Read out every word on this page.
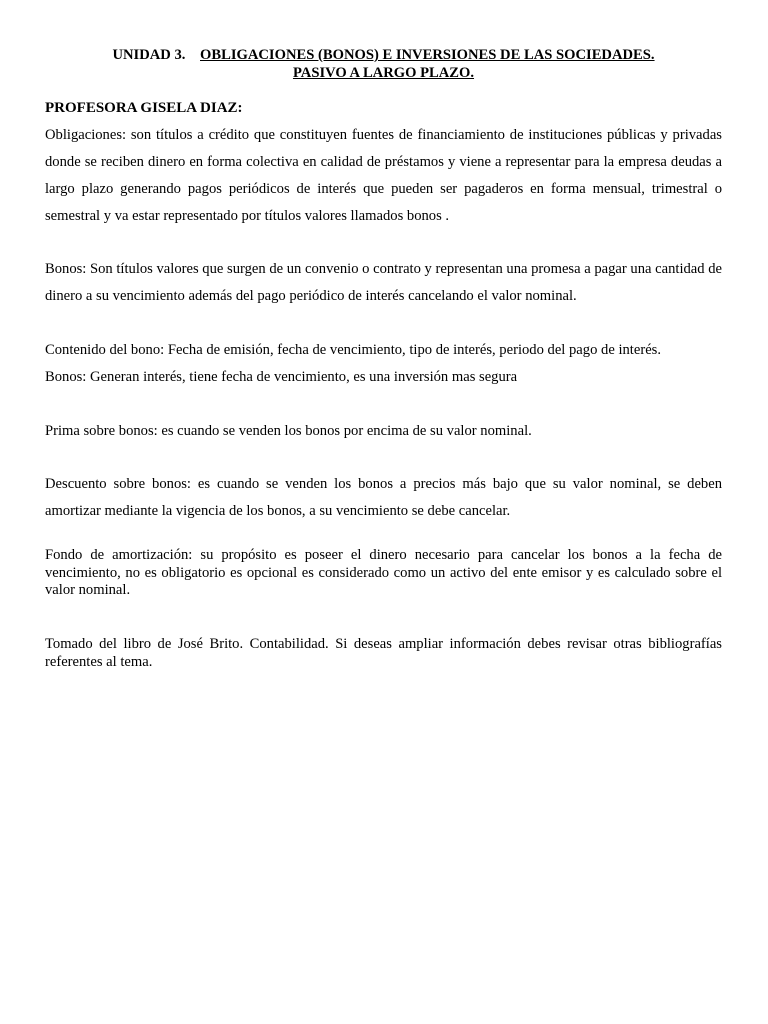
UNIDAD 3. OBLIGACIONES (BONOS) E INVERSIONES DE LAS SOCIEDADES.
PASIVO A LARGO PLAZO.
PROFESORA GISELA DIAZ:
Obligaciones: son títulos a crédito que constituyen fuentes de financiamiento de instituciones públicas y privadas donde se reciben dinero en forma colectiva en calidad de préstamos y viene a representar para la empresa deudas a largo plazo generando pagos periódicos de interés que pueden ser pagaderos en forma mensual, trimestral o semestral y va estar representado por títulos valores llamados bonos .
Bonos: Son títulos valores que surgen de un convenio o contrato y representan una promesa a pagar una cantidad de dinero a su vencimiento además del pago periódico de interés cancelando el valor nominal.
Contenido del bono: Fecha de emisión, fecha de vencimiento, tipo de interés, periodo del pago de interés.
Bonos: Generan interés, tiene fecha de vencimiento, es una inversión mas segura
Prima sobre bonos: es cuando se venden los bonos por encima de su valor nominal.
Descuento sobre bonos: es cuando se venden los bonos a precios más bajo que su valor nominal, se deben amortizar mediante la vigencia de los bonos, a su vencimiento se debe cancelar.
Fondo de amortización: su propósito es poseer el dinero necesario para cancelar los bonos a la fecha de vencimiento, no es obligatorio es opcional es considerado como un activo del ente emisor y es calculado sobre el valor nominal.
Tomado del libro de José Brito. Contabilidad. Si deseas ampliar información debes revisar otras bibliografías referentes al tema.
